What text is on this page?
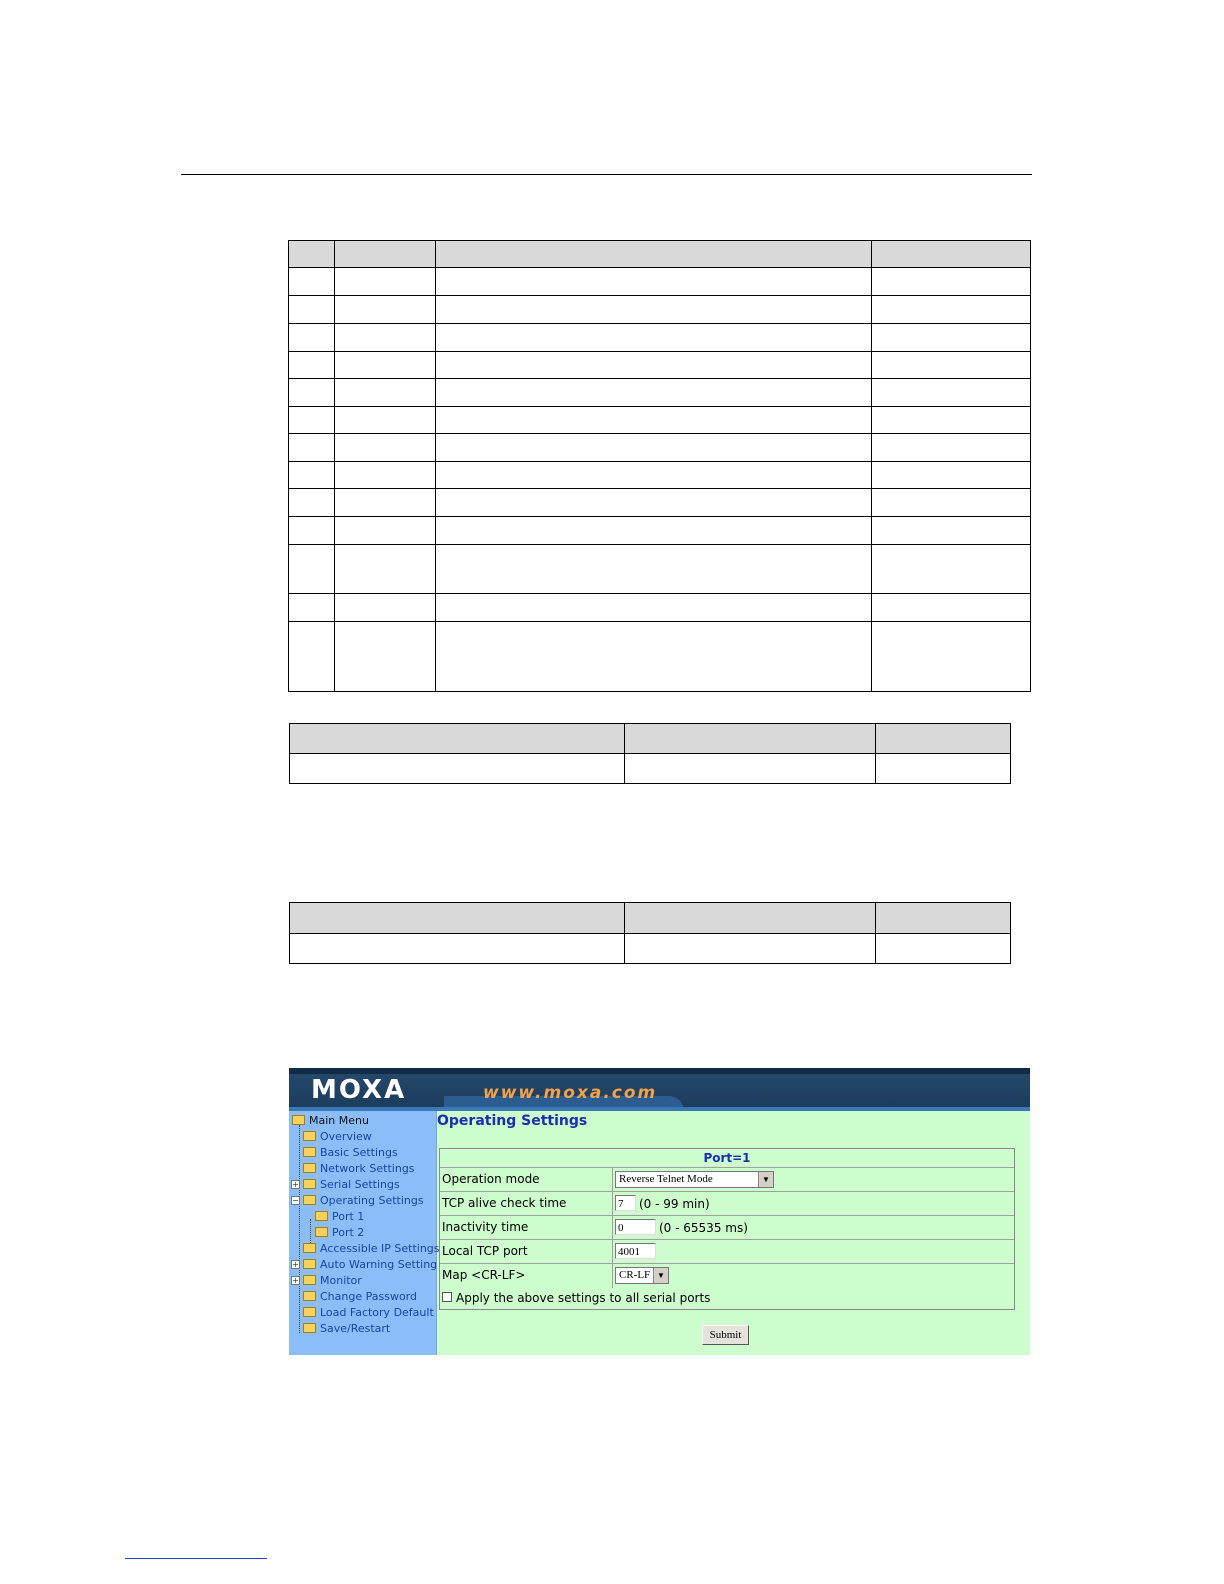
MOXA	www.moxa.com
Main Menu
Overview
Basic Settings
Network Settings
+ Serial Settings
− Operating Settings
Port 1
Port 2
Accessible IP Settings
+ Auto Warning Setting
+ Monitor
Change Password
Load Factory Default
Save/Restart
Operating Settings
Port=1
Operation mode	Reverse Telnet Mode	▼
TCP alive check time	7	(0 - 99 min)
Inactivity time	0	(0 - 65535 ms)
Local TCP port	4001
Map <CR-LF>	CR-LF ▼
Apply the above settings to all serial ports
Submit
